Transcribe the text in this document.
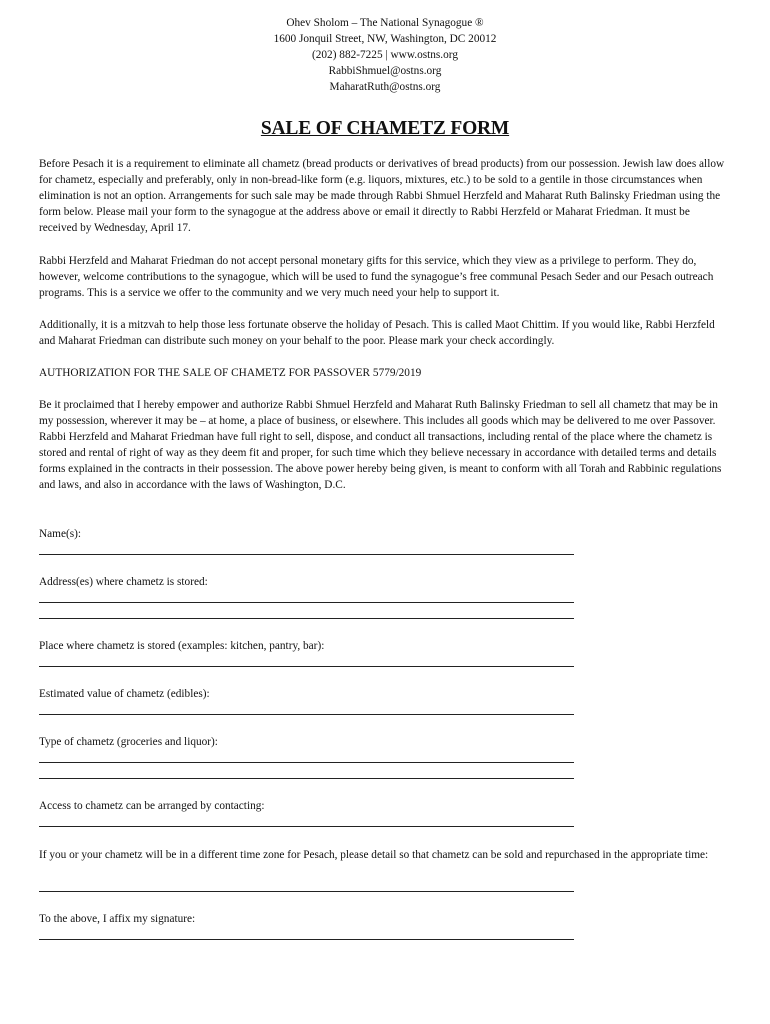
Ohev Sholom – The National Synagogue ®
1600 Jonquil Street, NW, Washington, DC 20012
(202) 882-7225 | www.ostns.org
RabbiShmuel@ostns.org
MaharatRuth@ostns.org
SALE OF CHAMETZ FORM
Before Pesach it is a requirement to eliminate all chametz (bread products or derivatives of bread products) from our possession. Jewish law does allow for chametz, especially and preferably, only in non-bread-like form (e.g. liquors, mixtures, etc.) to be sold to a gentile in those circumstances when elimination is not an option. Arrangements for such sale may be made through Rabbi Shmuel Herzfeld and Maharat Ruth Balinsky Friedman using the form below. Please mail your form to the synagogue at the address above or email it directly to Rabbi Herzfeld or Maharat Friedman. It must be received by Wednesday, April 17.
Rabbi Herzfeld and Maharat Friedman do not accept personal monetary gifts for this service, which they view as a privilege to perform. They do, however, welcome contributions to the synagogue, which will be used to fund the synagogue’s free communal Pesach Seder and our Pesach outreach programs. This is a service we offer to the community and we very much need your help to support it.
Additionally, it is a mitzvah to help those less fortunate observe the holiday of Pesach. This is called Maot Chittim. If you would like, Rabbi Herzfeld and Maharat Friedman can distribute such money on your behalf to the poor. Please mark your check accordingly.
AUTHORIZATION FOR THE SALE OF CHAMETZ FOR PASSOVER 5779/2019
Be it proclaimed that I hereby empower and authorize Rabbi Shmuel Herzfeld and Maharat Ruth Balinsky Friedman to sell all chametz that may be in my possession, wherever it may be – at home, a place of business, or elsewhere. This includes all goods which may be delivered to me over Passover. Rabbi Herzfeld and Maharat Friedman have full right to sell, dispose, and conduct all transactions, including rental of the place where the chametz is stored and rental of right of way as they deem fit and proper, for such time which they believe necessary in accordance with detailed terms and details forms explained in the contracts in their possession. The above power hereby being given, is meant to conform with all Torah and Rabbinic regulations and laws, and also in accordance with the laws of Washington, D.C.
Name(s):
Address(es) where chametz is stored:
Place where chametz is stored (examples: kitchen, pantry, bar):
Estimated value of chametz (edibles):
Type of chametz (groceries and liquor):
Access to chametz can be arranged by contacting:
If you or your chametz will be in a different time zone for Pesach, please detail so that chametz can be sold and repurchased in the appropriate time:
To the above, I affix my signature:
